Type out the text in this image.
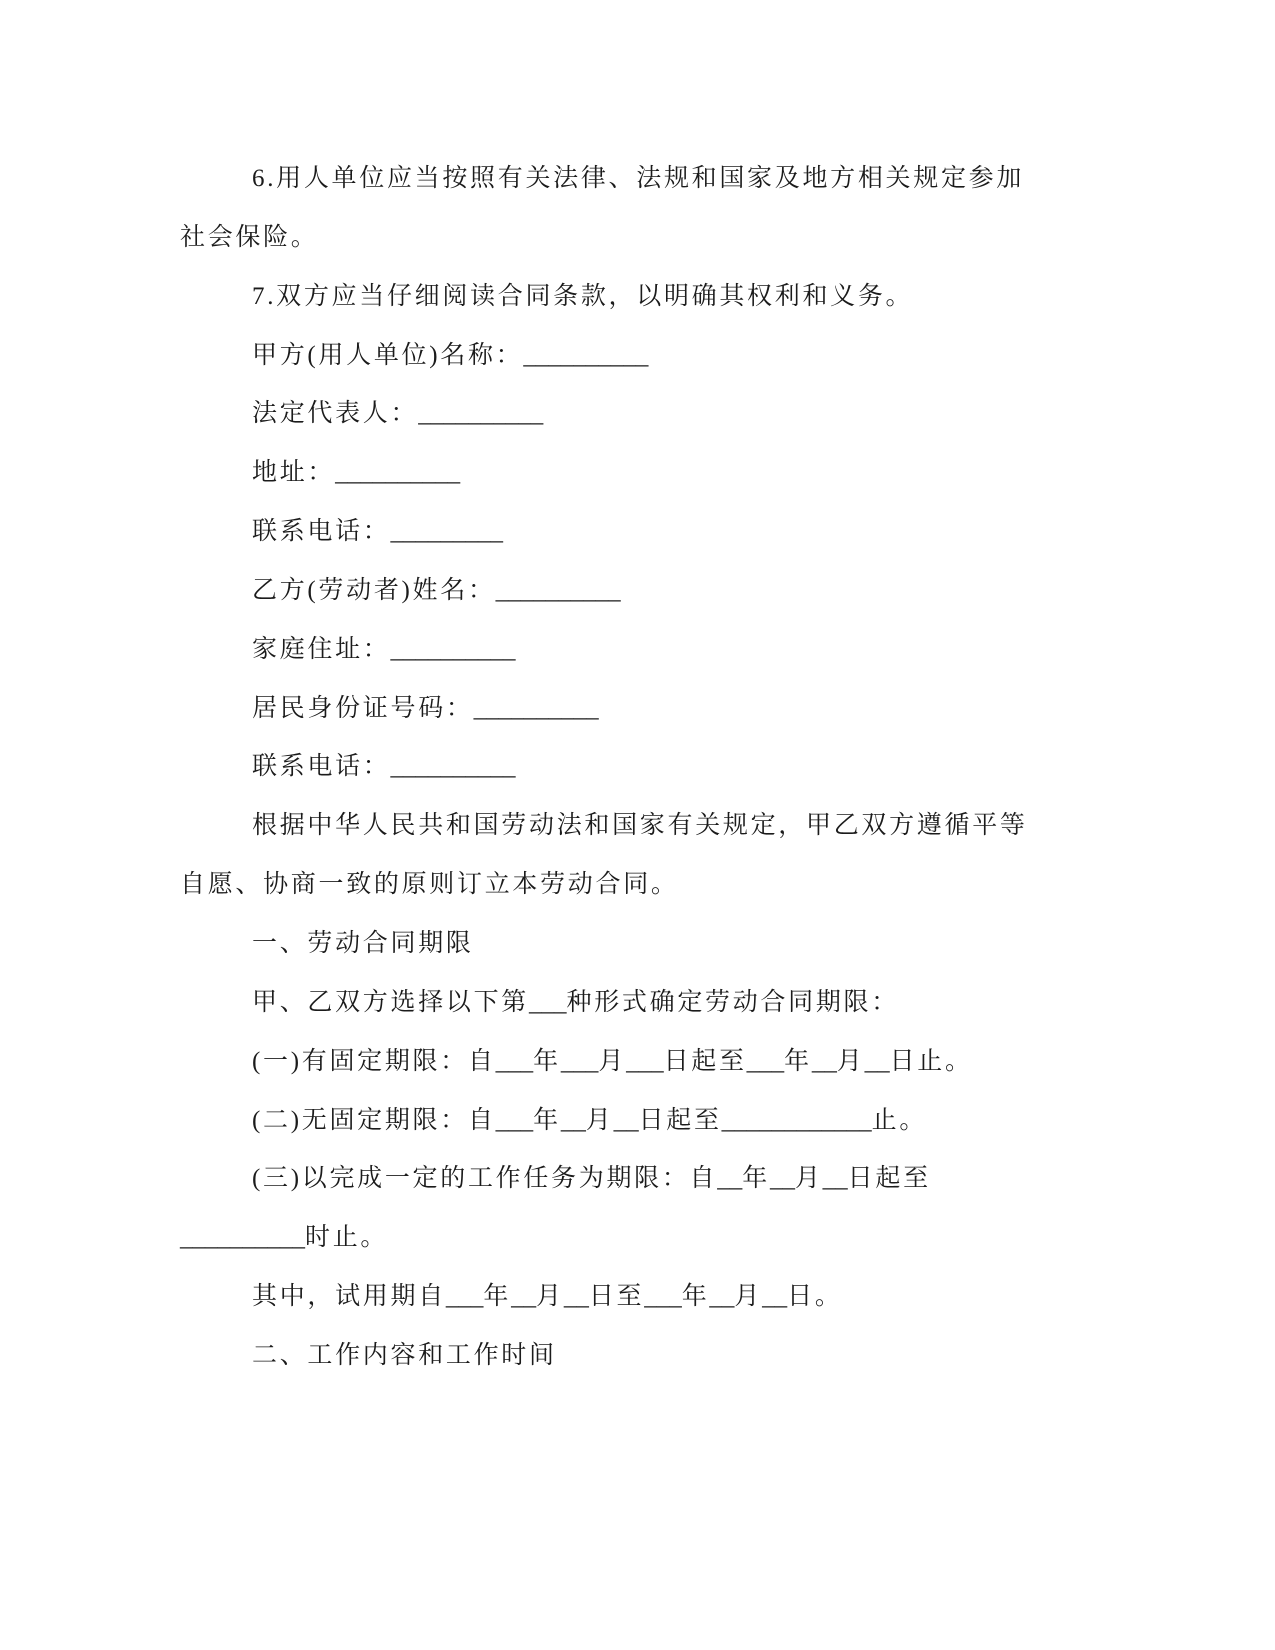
6.用人单位应当按照有关法律、法规和国家及地方相关规定参加
社会保险。
7.双方应当仔细阅读合同条款，以明确其权利和义务。
甲方(用人单位)名称：__________
法定代表人：__________
地址：__________
联系电话：_________
乙方(劳动者)姓名：__________
家庭住址：__________
居民身份证号码：__________
联系电话：__________
根据中华人民共和国劳动法和国家有关规定，甲乙双方遵循平等
自愿、协商一致的原则订立本劳动合同。
一、劳动合同期限
甲、乙双方选择以下第___种形式确定劳动合同期限：
(一)有固定期限：自___年___月___日起至___年__月__日止。
(二)无固定期限：自___年__月__日起至____________止。
(三)以完成一定的工作任务为期限：自__年__月__日起至
__________时止。
其中，试用期自___年__月__日至___年__月__日。
二、工作内容和工作时间
